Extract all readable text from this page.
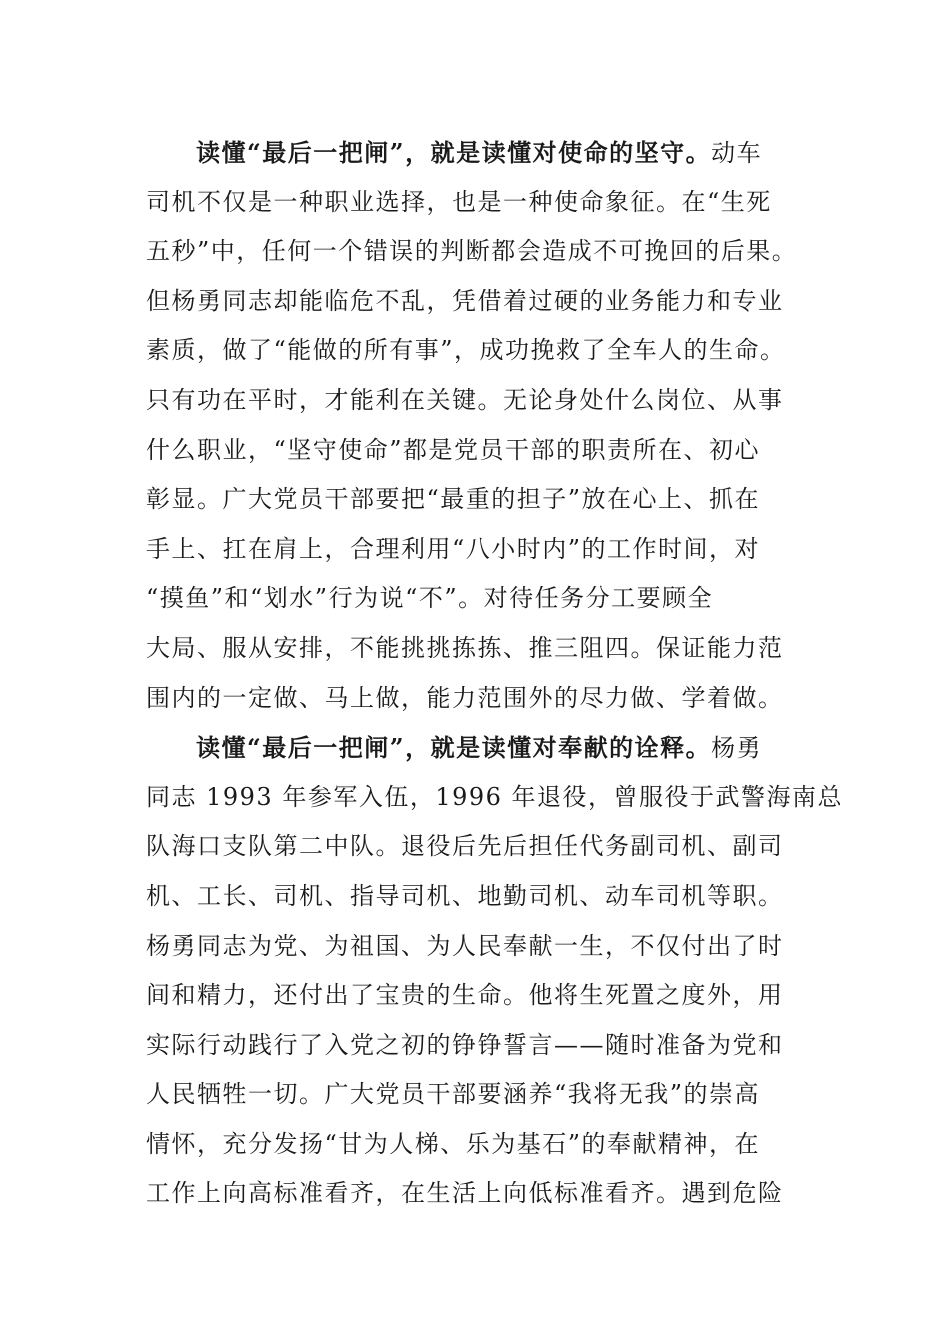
读懂“最后一把闸”，就是读懂对使命的坚守。动车
司机不仅是一种职业选择，也是一种使命象征。在“生死
五秒”中，任何一个错误的判断都会造成不可挽回的后果。
但杨勇同志却能临危不乱，凭借着过硬的业务能力和专业
素质，做了“能做的所有事”，成功挽救了全车人的生命。
只有功在平时，才能利在关键。无论身处什么岗位、从事
什么职业，“坚守使命”都是党员干部的职责所在、初心
彰显。广大党员干部要把“最重的担子”放在心上、抓在
手上、扛在肩上，合理利用“八小时内”的工作时间，对
“摸鱼”和“划水”行为说“不”。对待任务分工要顾全
大局、服从安排，不能挑挑拣拣、推三阻四。保证能力范
围内的一定做、马上做，能力范围外的尽力做、学着做。
读懂“最后一把闸”，就是读懂对奉献的诠释。杨勇
同志 1993 年参军入伍，1996 年退役，曾服役于武警海南总
队海口支队第二中队。退役后先后担任代务副司机、副司
机、工长、司机、指导司机、地勤司机、动车司机等职。
杨勇同志为党、为祖国、为人民奉献一生，不仅付出了时
间和精力，还付出了宝贵的生命。他将生死置之度外，用
实际行动践行了入党之初的铮铮誓言——随时准备为党和
人民牺牲一切。广大党员干部要涵养“我将无我”的崇高
情怀，充分发扬“甘为人梯、乐为基石”的奉献精神，在
工作上向高标准看齐，在生活上向低标准看齐。遇到危险
